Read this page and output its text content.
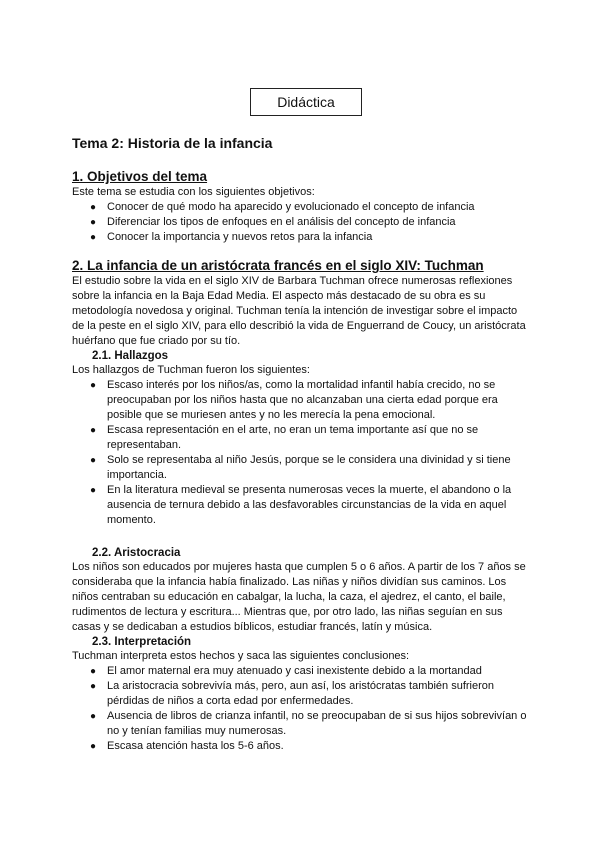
Didáctica
Tema 2: Historia de la infancia
1. Objetivos del tema

Este tema se estudia con los siguientes objetivos:

● Conocer de qué modo ha aparecido y evolucionado el concepto de infancia
● Diferenciar los tipos de enfoques en el análisis del concepto de infancia
● Conocer la importancia y nuevos retos para la infancia
2. La infancia de un aristócrata francés en el siglo XIV: Tuchman

El estudio sobre la vida en el siglo XIV de Barbara Tuchman ofrece numerosas reflexiones sobre la infancia en la Baja Edad Media. El aspecto más destacado de su obra es su metodología novedosa y original. Tuchman tenía la intención de investigar sobre el impacto de la peste en el siglo XIV, para ello describió la vida de Enguerrand de Coucy, un aristócrata huérfano que fue criado por su tío.

2.1. Hallazgos

Los hallazgos de Tuchman fueron los siguientes:

● Escaso interés por los niños/as, como la mortalidad infantil había crecido, no se preocupaban por los niños hasta que no alcanzaban una cierta edad porque era posible que se muriesen antes y no les merecía la pena emocional.
● Escasa representación en el arte, no eran un tema importante así que no se representaban.
● Solo se representaba al niño Jesús, porque se le considera una divinidad y si tiene importancia.
● En la literatura medieval se presenta numerosas veces la muerte, el abandono o la ausencia de ternura debido a las desfavorables circunstancias de la vida en aquel momento.
2.2. Aristocracia

Los niños son educados por mujeres hasta que cumplen 5 o 6 años. A partir de los 7 años se consideraba que la infancia había finalizado. Las niñas y niños dividían sus caminos. Los niños centraban su educación en cabalgar, la lucha, la caza, el ajedrez, el canto, el baile, rudimentos de lectura y escritura... Mientras que, por otro lado, las niñas seguían en sus casas y se dedicaban a estudios bíblicos, estudiar francés, latín y música.

2.3. Interpretación

Tuchman interpreta estos hechos y saca las siguientes conclusiones:

● El amor maternal era muy atenuado y casi inexistente debido a la mortandad
● La aristocracia sobrevivía más, pero, aun así, los aristócratas también sufrieron pérdidas de niños a corta edad por enfermedades.
● Ausencia de libros de crianza infantil, no se preocupaban de si sus hijos sobrevivían o no y tenían familias muy numerosas.
● Escasa atención hasta los 5-6 años.
